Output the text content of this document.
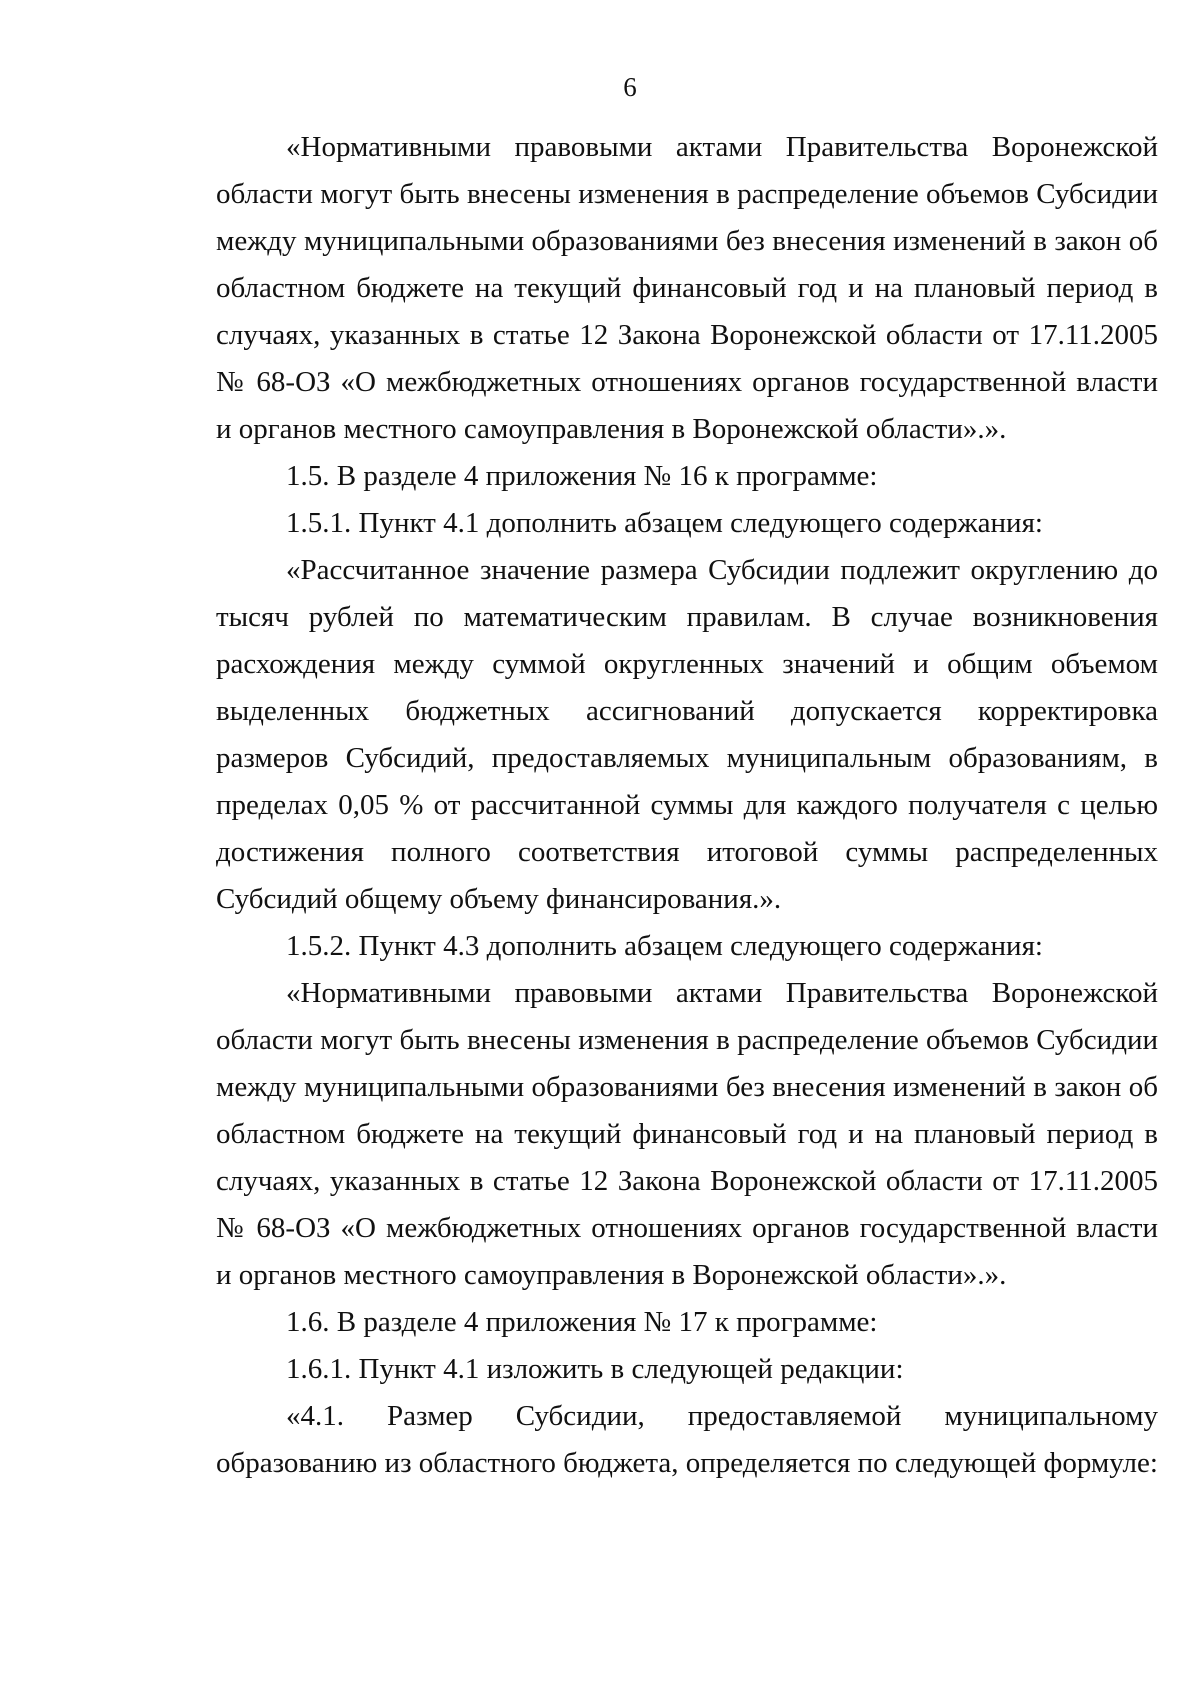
6

«Нормативными правовыми актами Правительства Воронежской области могут быть внесены изменения в распределение объемов Субсидии между муниципальными образованиями без внесения изменений в закон об областном бюджете на текущий финансовый год и на плановый период в случаях, указанных в статье 12 Закона Воронежской области от 17.11.2005 № 68-ОЗ «О межбюджетных отношениях органов государственной власти и органов местного самоуправления в Воронежской области».».

1.5. В разделе 4 приложения № 16 к программе:

1.5.1. Пункт 4.1 дополнить абзацем следующего содержания:

«Рассчитанное значение размера Субсидии подлежит округлению до тысяч рублей по математическим правилам. В случае возникновения расхождения между суммой округленных значений и общим объемом выделенных бюджетных ассигнований допускается корректировка размеров Субсидий, предоставляемых муниципальным образованиям, в пределах 0,05 % от рассчитанной суммы для каждого получателя с целью достижения полного соответствия итоговой суммы распределенных Субсидий общему объему финансирования.».

1.5.2. Пункт 4.3 дополнить абзацем следующего содержания:

«Нормативными правовыми актами Правительства Воронежской области могут быть внесены изменения в распределение объемов Субсидии между муниципальными образованиями без внесения изменений в закон об областном бюджете на текущий финансовый год и на плановый период в случаях, указанных в статье 12 Закона Воронежской области от 17.11.2005 № 68-ОЗ «О межбюджетных отношениях органов государственной власти и органов местного самоуправления в Воронежской области».».

1.6. В разделе 4 приложения № 17 к программе:

1.6.1. Пункт 4.1 изложить в следующей редакции:

«4.1. Размер Субсидии, предоставляемой муниципальному образованию из областного бюджета, определяется по следующей формуле:
